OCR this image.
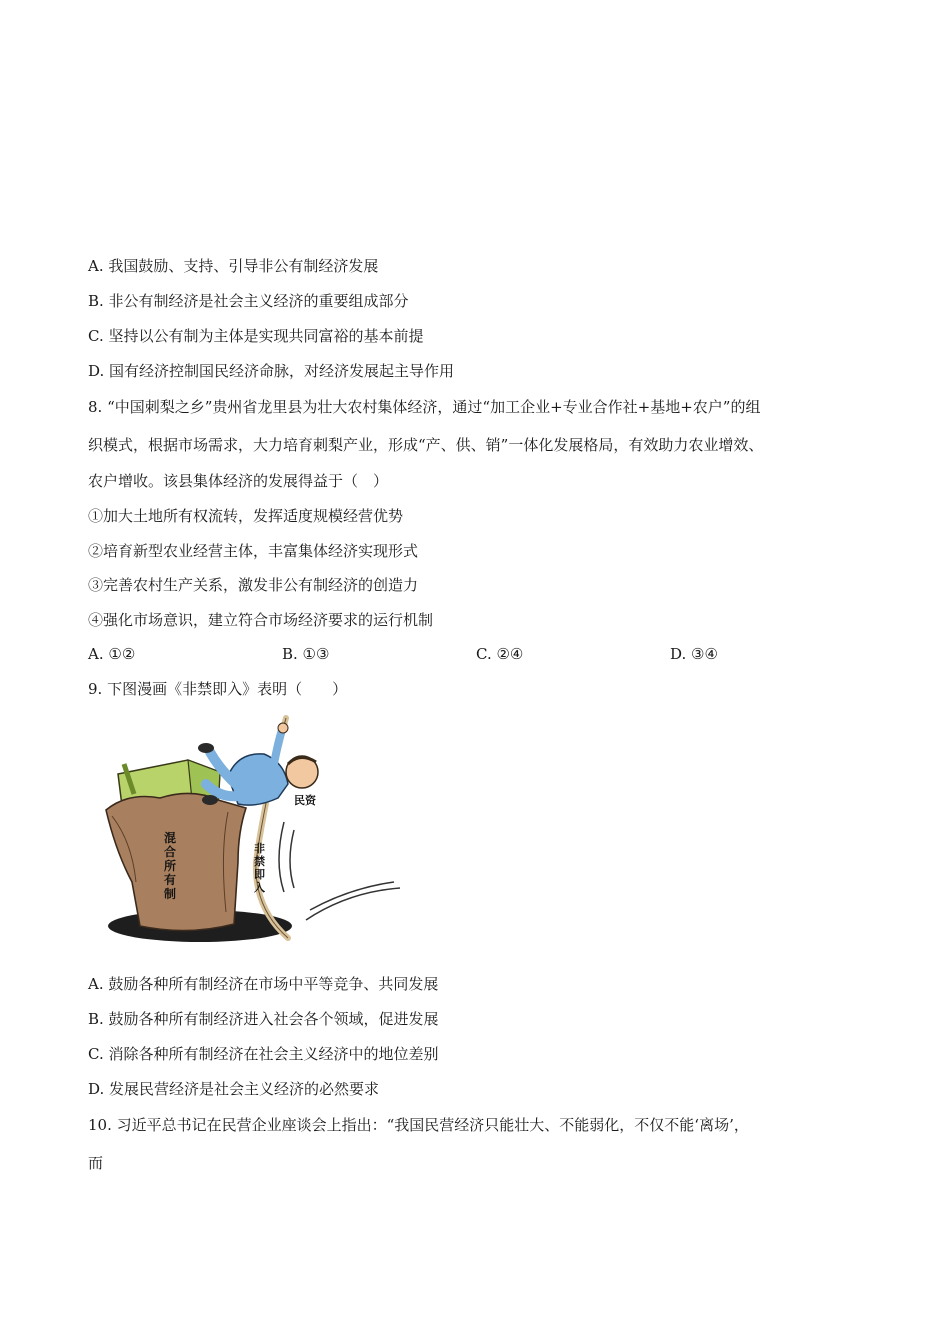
A. 我国鼓励、支持、引导非公有制经济发展
B. 非公有制经济是社会主义经济的重要组成部分
C. 坚持以公有制为主体是实现共同富裕的基本前提
D. 国有经济控制国民经济命脉，对经济发展起主导作用
8. “中国刺梨之乡”贵州省龙里县为壮大农村集体经济，通过“加工企业+专业合作社+基地+农户”的组
织模式，根据市场需求，大力培育刺梨产业，形成“产、供、销”一体化发展格局，有效助力农业增效、
农户增收。该县集体经济的发展得益于（　）
①加大土地所有权流转，发挥适度规模经营优势
②培育新型农业经营主体，丰富集体经济实现形式
③完善农村生产关系，激发非公有制经济的创造力
④强化市场意识，建立符合市场经济要求的运行机制
A. ①②	B. ①③	C. ②④	D. ③④
9. 下图漫画《非禁即入》表明（　　）
民资
混合所有制
非禁即入
A. 鼓励各种所有制经济在市场中平等竞争、共同发展
B. 鼓励各种所有制经济进入社会各个领域，促进发展
C. 消除各种所有制经济在社会主义经济中的地位差别
D. 发展民营经济是社会主义经济的必然要求
10. 习近平总书记在民营企业座谈会上指出：“我国民营经济只能壮大、不能弱化，不仅不能‘离场’，
而
